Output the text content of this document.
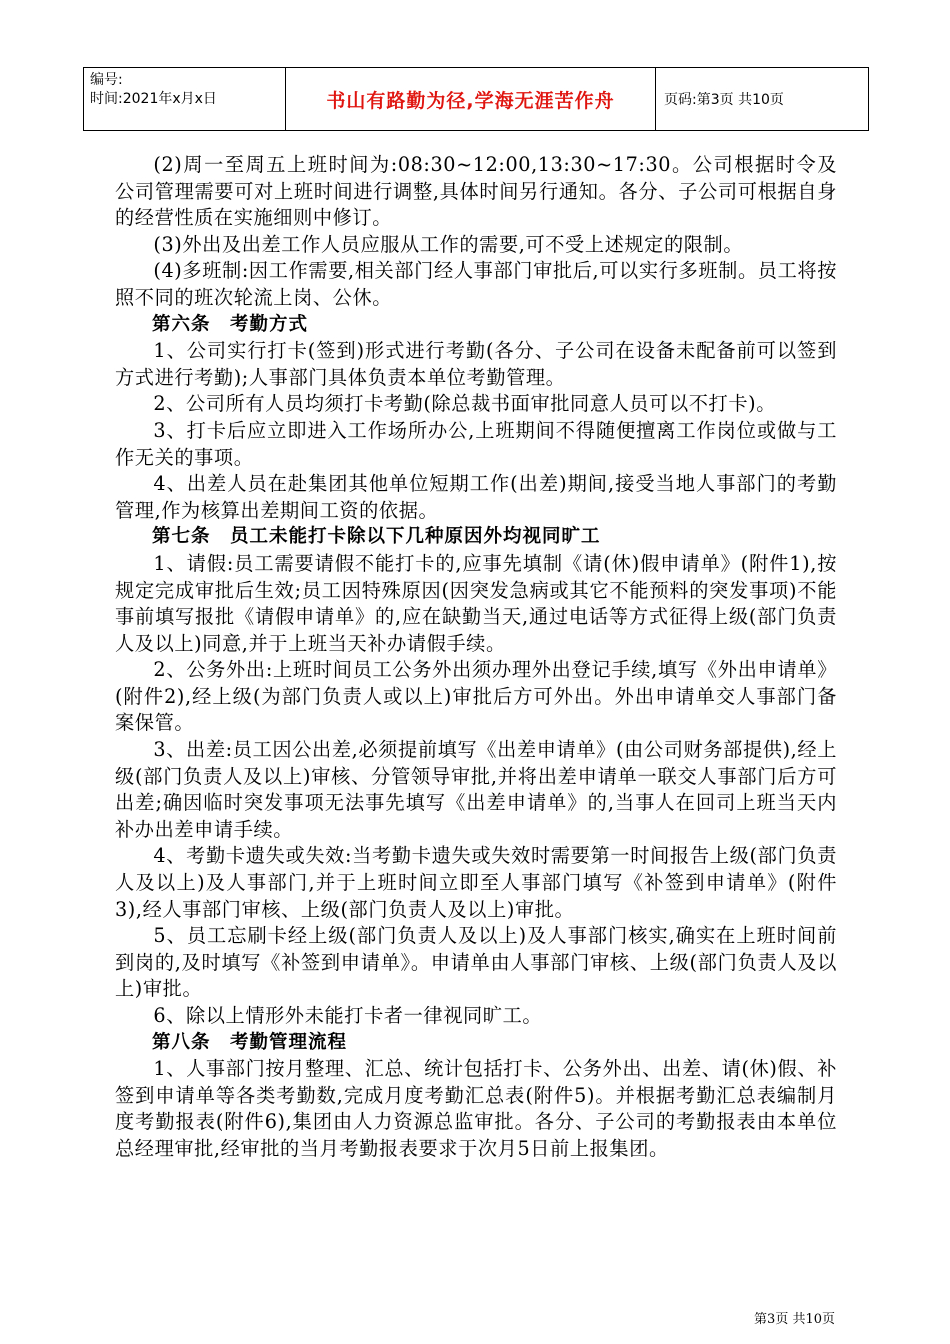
编号:
时间:2021年x月x日	书山有路勤为径,学海无涯苦作舟	页码:第3页 共10页

(2)周一至周五上班时间为:08:30~12:00,13:30~17:30。公司根据时令及公司管理需要可对上班时间进行调整,具体时间另行通知。各分、子公司可根据自身的经营性质在实施细则中修订。

(3)外出及出差工作人员应服从工作的需要,可不受上述规定的限制。

(4)多班制:因工作需要,相关部门经人事部门审批后,可以实行多班制。员工将按照不同的班次轮流上岗、公休。

第六条　考勤方式

1、公司实行打卡(签到)形式进行考勤(各分、子公司在设备未配备前可以签到方式进行考勤);人事部门具体负责本单位考勤管理。

2、公司所有人员均须打卡考勤(除总裁书面审批同意人员可以不打卡)。

3、打卡后应立即进入工作场所办公,上班期间不得随便擅离工作岗位或做与工作无关的事项。

4、出差人员在赴集团其他单位短期工作(出差)期间,接受当地人事部门的考勤管理,作为核算出差期间工资的依据。

第七条　员工未能打卡除以下几种原因外均视同旷工

1、请假:员工需要请假不能打卡的,应事先填制《请(休)假申请单》(附件1),按规定完成审批后生效;员工因特殊原因(因突发急病或其它不能预料的突发事项)不能事前填写报批《请假申请单》的,应在缺勤当天,通过电话等方式征得上级(部门负责人及以上)同意,并于上班当天补办请假手续。

2、公务外出:上班时间员工公务外出须办理外出登记手续,填写《外出申请单》(附件2),经上级(为部门负责人或以上)审批后方可外出。外出申请单交人事部门备案保管。

3、出差:员工因公出差,必须提前填写《出差申请单》(由公司财务部提供),经上级(部门负责人及以上)审核、分管领导审批,并将出差申请单一联交人事部门后方可出差;确因临时突发事项无法事先填写《出差申请单》的,当事人在回司上班当天内补办出差申请手续。

4、考勤卡遗失或失效:当考勤卡遗失或失效时需要第一时间报告上级(部门负责人及以上)及人事部门,并于上班时间立即至人事部门填写《补签到申请单》(附件3),经人事部门审核、上级(部门负责人及以上)审批。

5、员工忘刷卡经上级(部门负责人及以上)及人事部门核实,确实在上班时间前到岗的,及时填写《补签到申请单》。申请单由人事部门审核、上级(部门负责人及以上)审批。

6、除以上情形外未能打卡者一律视同旷工。

第八条　考勤管理流程

1、人事部门按月整理、汇总、统计包括打卡、公务外出、出差、请(休)假、补签到申请单等各类考勤数,完成月度考勤汇总表(附件5)。并根据考勤汇总表编制月度考勤报表(附件6),集团由人力资源总监审批。各分、子公司的考勤报表由本单位总经理审批,经审批的当月考勤报表要求于次月5日前上报集团。

第3页 共10页
